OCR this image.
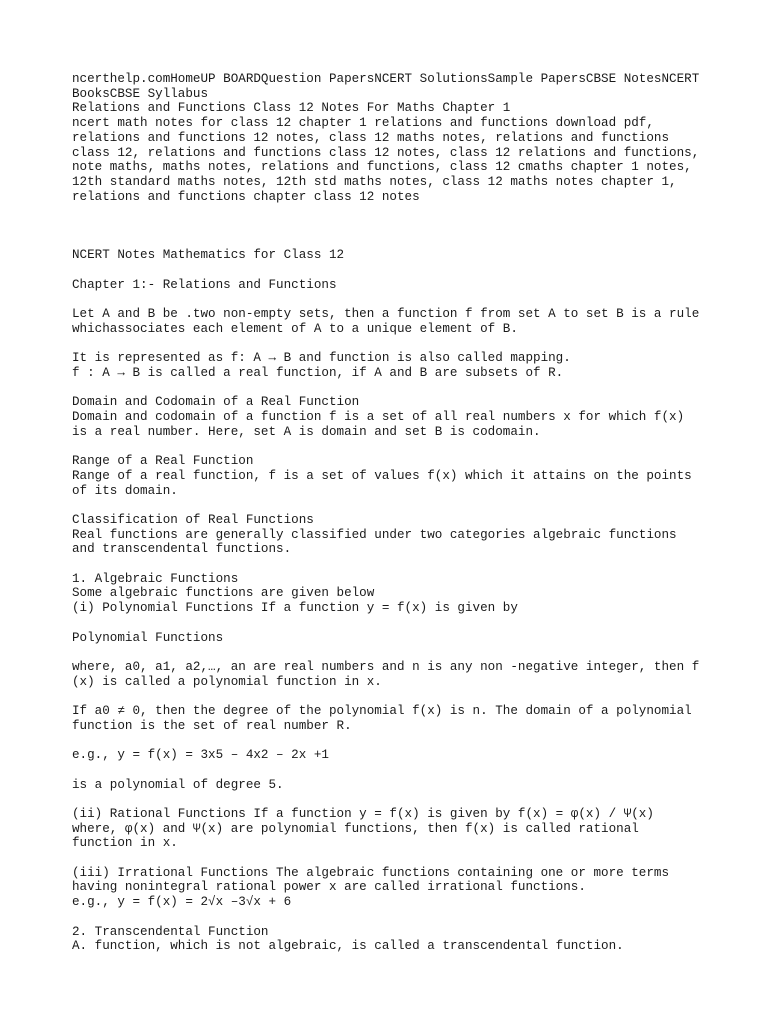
ncerthelp.comHomeUP BOARDQuestion PapersNCERT SolutionsSample PapersCBSE NotesNCERT
BooksCBSE Syllabus
Relations and Functions Class 12 Notes For Maths Chapter 1
ncert math notes for class 12 chapter 1 relations and functions download pdf,
relations and functions 12 notes, class 12 maths notes, relations and functions
class 12, relations and functions class 12 notes, class 12 relations and functions,
note maths, maths notes, relations and functions, class 12 cmaths chapter 1 notes,
12th standard maths notes, 12th std maths notes, class 12 maths notes chapter 1,
relations and functions chapter class 12 notes
NCERT Notes Mathematics for Class 12
Chapter 1:- Relations and Functions
Let A and B be .two non-empty sets, then a function f from set A to set B is a rule
whichassociates each element of A to a unique element of B.
It is represented as f: A → B and function is also called mapping.
f : A → B is called a real function, if A and B are subsets of R.
Domain and Codomain of a Real Function
Domain and codomain of a function f is a set of all real numbers x for which f(x)
is a real number. Here, set A is domain and set B is codomain.
Range of a Real Function
Range of a real function, f is a set of values f(x) which it attains on the points
of its domain.
Classification of Real Functions
Real functions are generally classified under two categories algebraic functions
and transcendental functions.
1. Algebraic Functions
Some algebraic functions are given below
(i) Polynomial Functions If a function y = f(x) is given by
Polynomial Functions
where, a0, a1, a2,…, an are real numbers and n is any non -negative integer, then f
(x) is called a polynomial function in x.
If a0 ≠ 0, then the degree of the polynomial f(x) is n. The domain of a polynomial
function is the set of real number R.
e.g., y = f(x) = 3x5 – 4x2 – 2x +1
is a polynomial of degree 5.
(ii) Rational Functions If a function y = f(x) is given by f(x) = φ(x) / Ψ(x)
where, φ(x) and Ψ(x) are polynomial functions, then f(x) is called rational
function in x.
(iii) Irrational Functions The algebraic functions containing one or more terms
having nonintegral rational power x are called irrational functions.
e.g., y = f(x) = 2√x –3√x + 6
2. Transcendental Function
A. function, which is not algebraic, is called a transcendental function.
